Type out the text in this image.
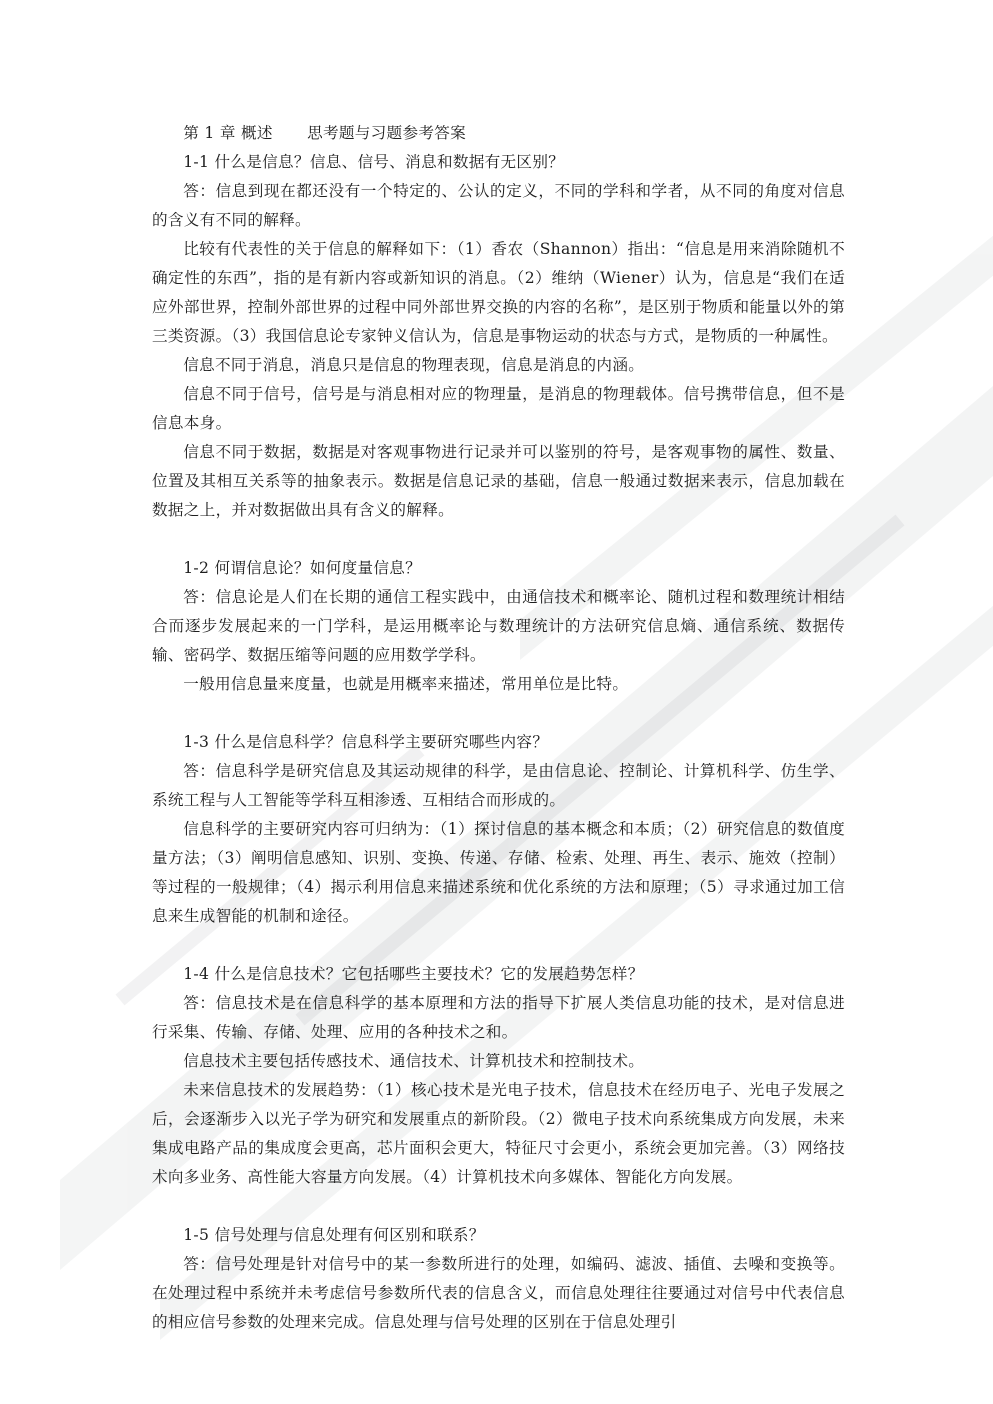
第 1 章 概述 思考题与习题参考答案

1-1 什么是信息？信息、信号、消息和数据有无区别？

答：信息到现在都还没有一个特定的、公认的定义，不同的学科和学者，从不同的角度对信息的含义有不同的解释。

比较有代表性的关于信息的解释如下：（1）香农（Shannon）指出：“信息是用来消除随机不确定性的东西”，指的是有新内容或新知识的消息。（2）维纳（Wiener）认为，信息是“我们在适应外部世界，控制外部世界的过程中同外部世界交换的内容的名称”，是区别于物质和能量以外的第三类资源。（3）我国信息论专家钟义信认为，信息是事物运动的状态与方式，是物质的一种属性。

信息不同于消息，消息只是信息的物理表现，信息是消息的内涵。

信息不同于信号，信号是与消息相对应的物理量，是消息的物理载体。信号携带信息，但不是信息本身。

信息不同于数据，数据是对客观事物进行记录并可以鉴别的符号，是客观事物的属性、数量、位置及其相互关系等的抽象表示。数据是信息记录的基础，信息一般通过数据来表示，信息加载在数据之上，并对数据做出具有含义的解释。

1-2 何谓信息论？如何度量信息？

答：信息论是人们在长期的通信工程实践中，由通信技术和概率论、随机过程和数理统计相结合而逐步发展起来的一门学科，是运用概率论与数理统计的方法研究信息熵、通信系统、数据传输、密码学、数据压缩等问题的应用数学学科。

一般用信息量来度量，也就是用概率来描述，常用单位是比特。

1-3 什么是信息科学？信息科学主要研究哪些内容？

答：信息科学是研究信息及其运动规律的科学，是由信息论、控制论、计算机科学、仿生学、系统工程与人工智能等学科互相渗透、互相结合而形成的。

信息科学的主要研究内容可归纳为：（1）探讨信息的基本概念和本质；（2）研究信息的数值度量方法；（3）阐明信息感知、识别、变换、传递、存储、检索、处理、再生、表示、施效（控制）等过程的一般规律；（4）揭示利用信息来描述系统和优化系统的方法和原理；（5）寻求通过加工信息来生成智能的机制和途径。

1-4 什么是信息技术？它包括哪些主要技术？它的发展趋势怎样？

答：信息技术是在信息科学的基本原理和方法的指导下扩展人类信息功能的技术，是对信息进行采集、传输、存储、处理、应用的各种技术之和。

信息技术主要包括传感技术、通信技术、计算机技术和控制技术。

未来信息技术的发展趋势：（1）核心技术是光电子技术，信息技术在经历电子、光电子发展之后，会逐渐步入以光子学为研究和发展重点的新阶段。（2）微电子技术向系统集成方向发展，未来集成电路产品的集成度会更高，芯片面积会更大，特征尺寸会更小，系统会更加完善。（3）网络技术向多业务、高性能大容量方向发展。（4）计算机技术向多媒体、智能化方向发展。

1-5 信号处理与信息处理有何区别和联系？

答：信号处理是针对信号中的某一参数所进行的处理，如编码、滤波、插值、去噪和变换等。在处理过程中系统并未考虑信号参数所代表的信息含义，而信息处理往往要通过对信号中代表信息的相应信号参数的处理来完成。信息处理与信号处理的区别在于信息处理引
